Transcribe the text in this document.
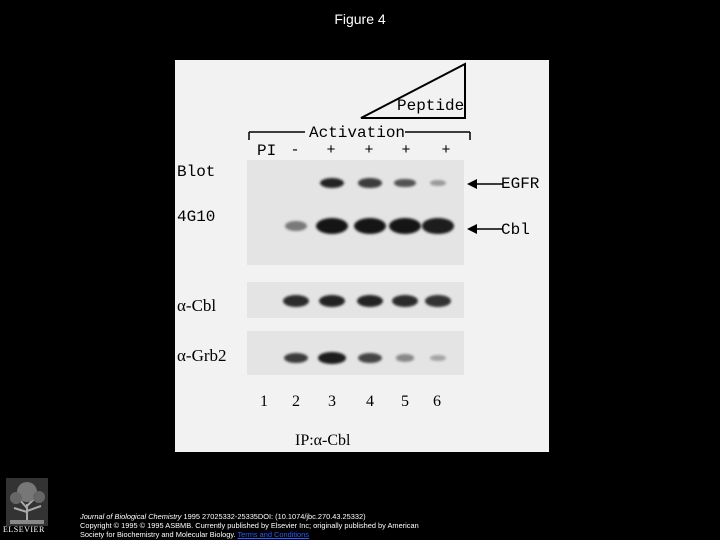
Figure 4
Peptide
Activation
PI - + + + +
Blot
4G10
α-Cbl
α-Grb2
EGFR
Cbl
1	2	3	4	5	6
IP:α-Cbl
ELSEVIER
Journal of Biological Chemistry 1995 27025332-25335DOI: (10.1074/jbc.270.43.25332)
Copyright © 1995 © 1995 ASBMB. Currently published by Elsevier Inc; originally published by American
Society for Biochemistry and Molecular Biology. Terms and Conditions
